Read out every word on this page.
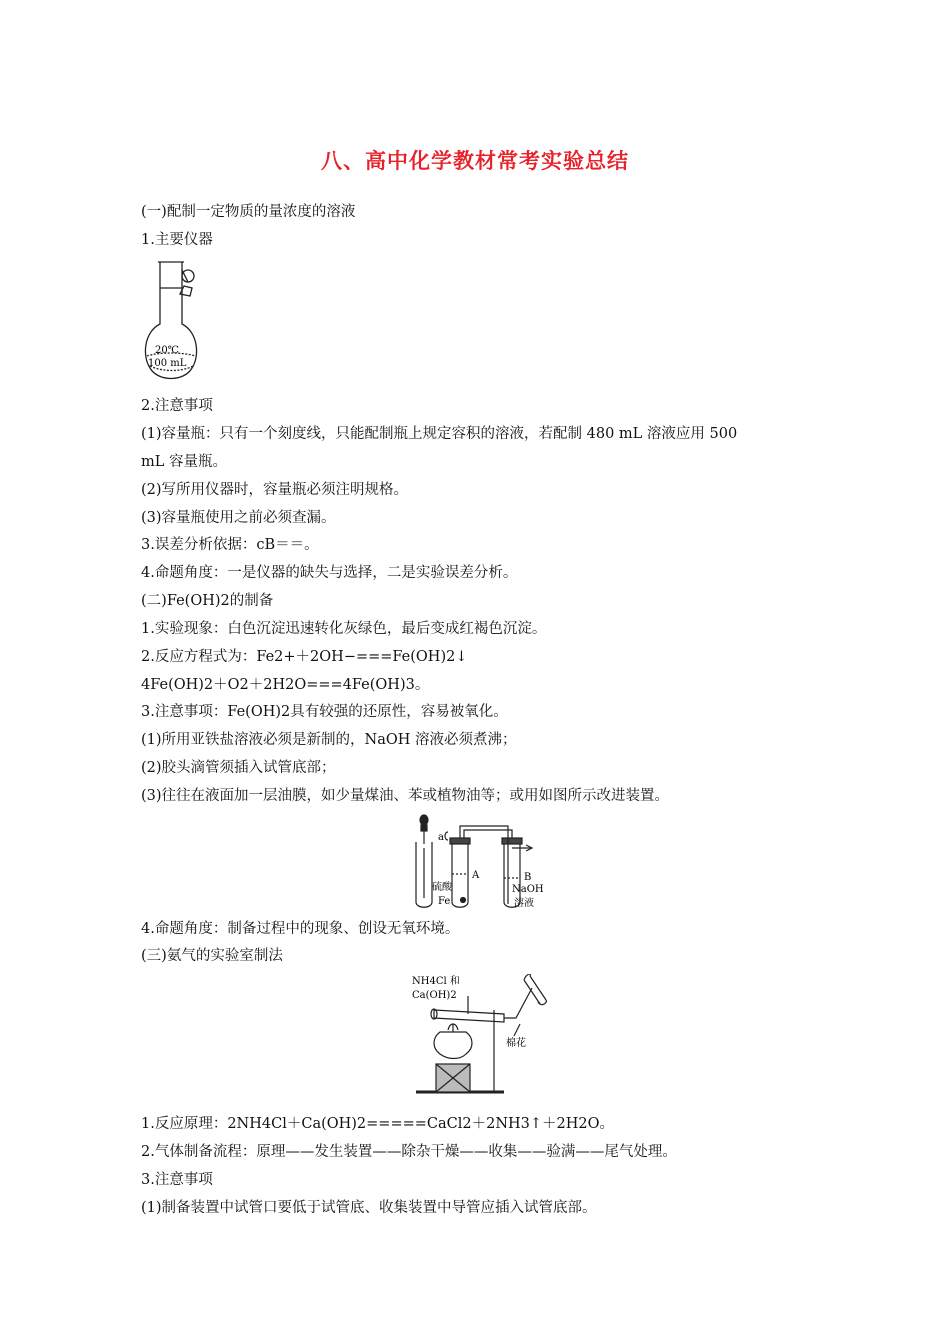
八、高中化学教材常考实验总结
(一)配制一定物质的量浓度的溶液
1.主要仪器
20℃
100 mL
2.注意事项
(1)容量瓶：只有一个刻度线，只能配制瓶上规定容积的溶液，若配制 480 mL 溶液应用 500
mL 容量瓶。
(2)写所用仪器时，容量瓶必须注明规格。
(3)容量瓶使用之前必须查漏。
3.误差分析依据：cB＝＝。
4.命题角度：一是仪器的缺失与选择，二是实验误差分析。
(二)Fe(OH)2的制备
1.实验现象：白色沉淀迅速转化灰绿色，最后变成红褐色沉淀。
2.反应方程式为：Fe2+＋2OH−===Fe(OH)2↓
4Fe(OH)2＋O2＋2H2O===4Fe(OH)3。
3.注意事项：Fe(OH)2具有较强的还原性，容易被氧化。
(1)所用亚铁盐溶液必须是新制的，NaOH 溶液必须煮沸；
(2)胶头滴管须插入试管底部；
(3)往往在液面加一层油膜，如少量煤油、苯或植物油等；或用如图所示改进装置。
a
A	B
硫酸
Fe
NaOH
溶液
4.命题角度：制备过程中的现象、创设无氧环境。
(三)氨气的实验室制法
NH4Cl 和
Ca(OH)2
棉花
1.反应原理：2NH4Cl＋Ca(OH)2=====CaCl2＋2NH3↑＋2H2O。
2.气体制备流程：原理——发生装置——除杂干燥——收集——验满——尾气处理。
3.注意事项
(1)制备装置中试管口要低于试管底、收集装置中导管应插入试管底部。
